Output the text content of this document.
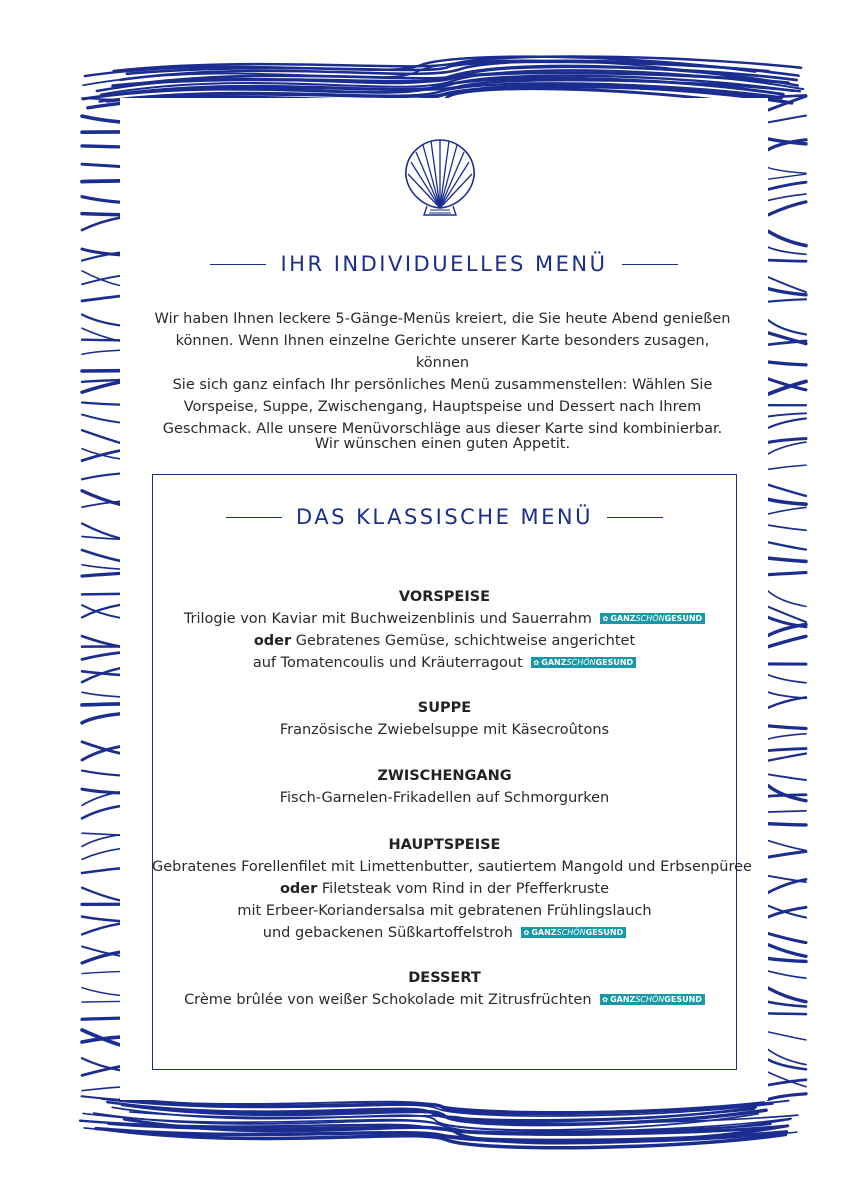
IHR INDIVIDUELLES MENÜ
Wir haben Ihnen leckere 5-Gänge-Menüs kreiert, die Sie heute Abend genießen
können. Wenn Ihnen einzelne Gerichte unserer Karte besonders zusagen, können
Sie sich ganz einfach Ihr persönliches Menü zusammenstellen: Wählen Sie
Vorspeise, Suppe, Zwischengang, Hauptspeise und Dessert nach Ihrem
Geschmack. Alle unsere Menüvorschläge aus dieser Karte sind kombinierbar.
Wir wünschen einen guten Appetit.
DAS KLASSISCHE MENÜ
VORSPEISE
Trilogie von Kaviar mit Buchweizenblinis und Sauerrahm ✿ GANZSCHÖNGESUND
oder Gebratenes Gemüse, schichtweise angerichtet
auf Tomatencoulis und Kräuterragout ✿ GANZSCHÖNGESUND
SUPPE
Französische Zwiebelsuppe mit Käsecroûtons
ZWISCHENGANG
Fisch-Garnelen-Frikadellen auf Schmorgurken
HAUPTSPEISE
Gebratenes Forellenfilet mit Limettenbutter, sautiertem Mangold und Erbsenpüree
oder Filetsteak vom Rind in der Pfefferkruste
mit Erbeer-Koriandersalsa mit gebratenen Frühlingslauch
und gebackenen Süßkartoffelstroh ✿ GANZSCHÖNGESUND
DESSERT
Crème brûlée von weißer Schokolade mit Zitrusfrüchten ✿ GANZSCHÖNGESUND
